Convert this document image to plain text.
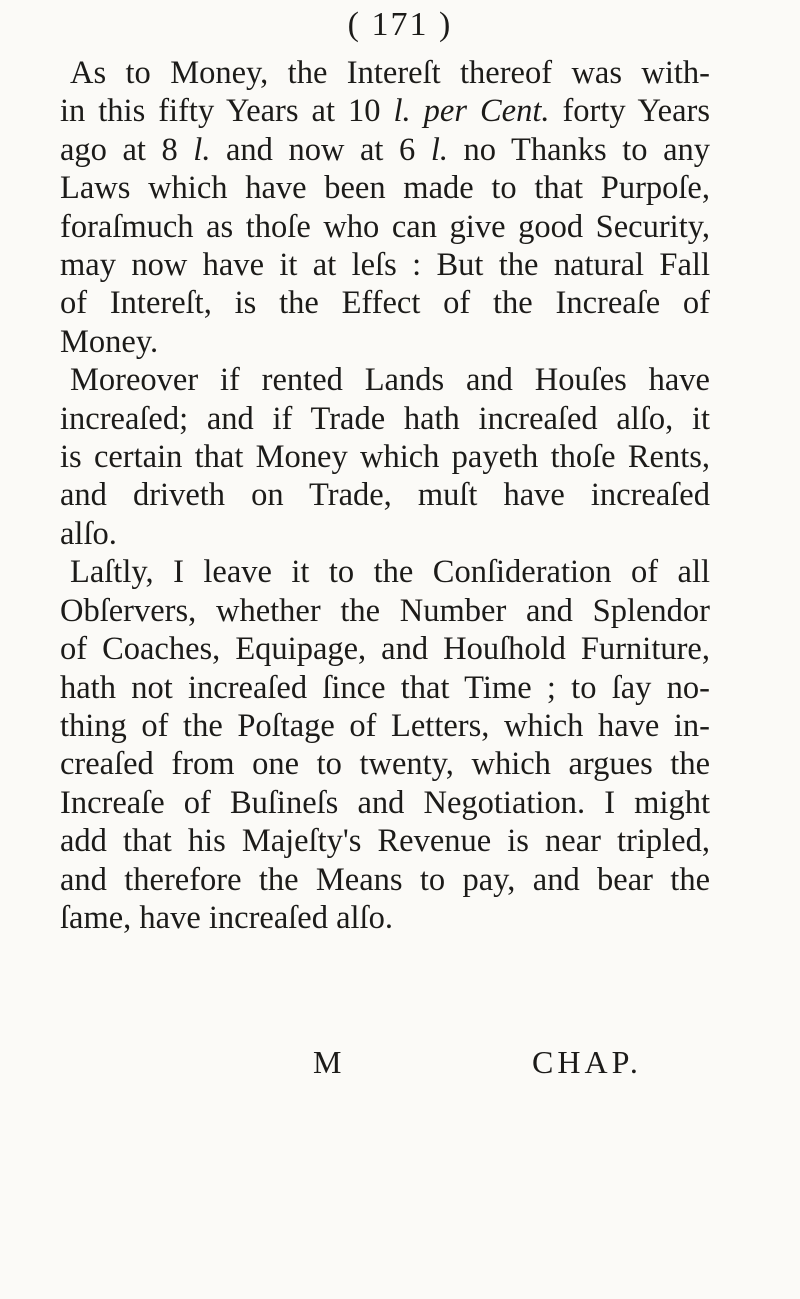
( 171 )
As to Money, the Intereſt thereof was with-
in this fifty Years at 10 l. per Cent. forty Years
ago at 8 l. and now at 6 l. no Thanks to any
Laws which have been made to that Purpoſe,
foraſmuch as thoſe who can give good Security,
may now have it at leſs : But the natural Fall
of Intereſt, is the Effect of the Increaſe of
Money.
Moreover if rented Lands and Houſes have
increaſed; and if Trade hath increaſed alſo, it
is certain that Money which payeth thoſe Rents,
and driveth on Trade, muſt have increaſed
alſo.
Laſtly, I leave it to the Conſideration of all
Obſervers, whether the Number and Splendor
of Coaches, Equipage, and Houſhold Furniture,
hath not increaſed ſince that Time ; to ſay no-
thing of the Poſtage of Letters, which have in-
creaſed from one to twenty, which argues the
Increaſe of Buſineſs and Negotiation. I might
add that his Majeſty's Revenue is near tripled,
and therefore the Means to pay, and bear the
ſame, have increaſed alſo.
M	CHAP.
